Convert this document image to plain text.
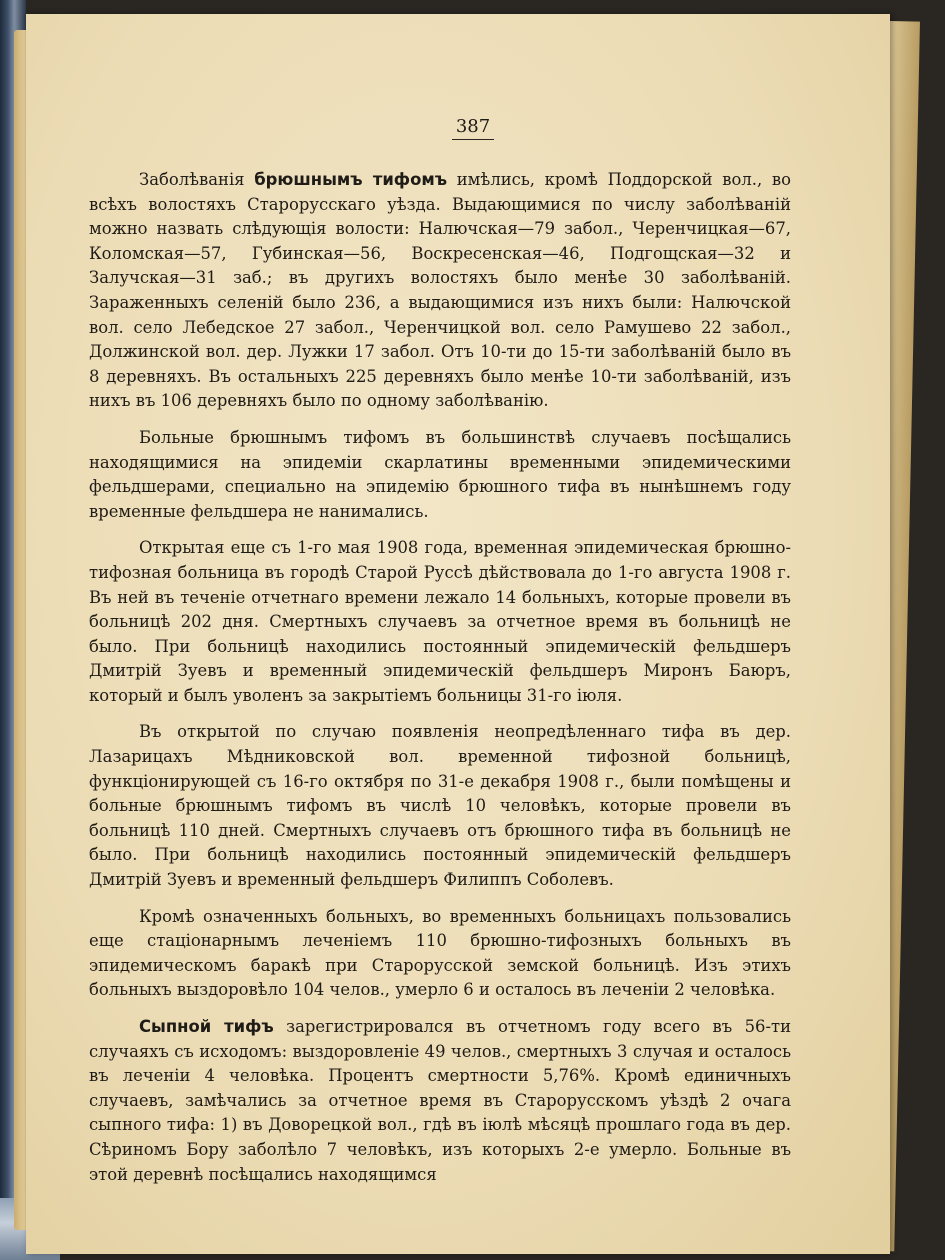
387

Заболѣванія брюшнымъ тифомъ имѣлись, кромѣ Поддорской вол., во всѣхъ волостяхъ Старорусскаго уѣзда. Выдающимися по числу заболѣваній можно назвать слѣдующія волости: Налючская—79 забол., Черенчицкая—67, Коломская—57, Губинская—56, Воскресенская—46, Подгощская—32 и Залучская—31 заб.; въ другихъ волостяхъ было менѣе 30 заболѣваній. Зараженныхъ селеній было 236, а выдающимися изъ нихъ были: Налючской вол. село Лебедское 27 забол., Черенчицкой вол. село Рамушево 22 забол., Должинской вол. дер. Лужки 17 забол. Отъ 10-ти до 15-ти заболѣваній было въ 8 деревняхъ. Въ остальныхъ 225 деревняхъ было менѣе 10-ти заболѣваній, изъ нихъ въ 106 деревняхъ было по одному заболѣванію.

Больные брюшнымъ тифомъ въ большинствѣ случаевъ посѣщались находящимися на эпидеміи скарлатины временными эпидемическими фельдшерами, специально на эпидемію брюшного тифа въ нынѣшнемъ году временные фельдшера не нанимались.

Открытая еще съ 1-го мая 1908 года, временная эпидемическая брюшно-тифозная больница въ городѣ Старой Руссѣ дѣйствовала до 1-го августа 1908 г. Въ ней въ теченіе отчетнаго времени лежало 14 больныхъ, которые провели въ больницѣ 202 дня. Смертныхъ случаевъ за отчетное время въ больницѣ не было. При больницѣ находились постоянный эпидемическій фельдшеръ Дмитрій Зуевъ и временный эпидемическій фельдшеръ Миронъ Баюръ, который и былъ уволенъ за закрытіемъ больницы 31-го іюля.

Въ открытой по случаю появленія неопредѣленнаго тифа въ дер. Лазарицахъ Мѣдниковской вол. временной тифозной больницѣ, функціонирующей съ 16-го октября по 31-е декабря 1908 г., были помѣщены и больные брюшнымъ тифомъ въ числѣ 10 человѣкъ, которые провели въ больницѣ 110 дней. Смертныхъ случаевъ отъ брюшного тифа въ больницѣ не было. При больницѣ находились постоянный эпидемическій фельдшеръ Дмитрій Зуевъ и временный фельдшеръ Филиппъ Соболевъ.

Кромѣ означенныхъ больныхъ, во временныхъ больницахъ пользовались еще стаціонарнымъ леченіемъ 110 брюшно-тифозныхъ больныхъ въ эпидемическомъ баракѣ при Старорусской земской больницѣ. Изъ этихъ больныхъ выздоровѣло 104 челов., умерло 6 и осталось въ леченіи 2 человѣка.

Сыпной тифъ зарегистрировался въ отчетномъ году всего въ 56-ти случаяхъ съ исходомъ: выздоровленіе 49 челов., смертныхъ 3 случая и осталось въ леченіи 4 человѣка. Процентъ смертности 5,76%. Кромѣ единичныхъ случаевъ, замѣчались за отчетное время въ Старорусскомъ уѣздѣ 2 очага сыпного тифа: 1) въ Доворецкой вол., гдѣ въ іюлѣ мѣсяцѣ прошлаго года въ дер. Сѣриномъ Бору заболѣло 7 человѣкъ, изъ которыхъ 2-е умерло. Больные въ этой деревнѣ посѣщались находящимся
